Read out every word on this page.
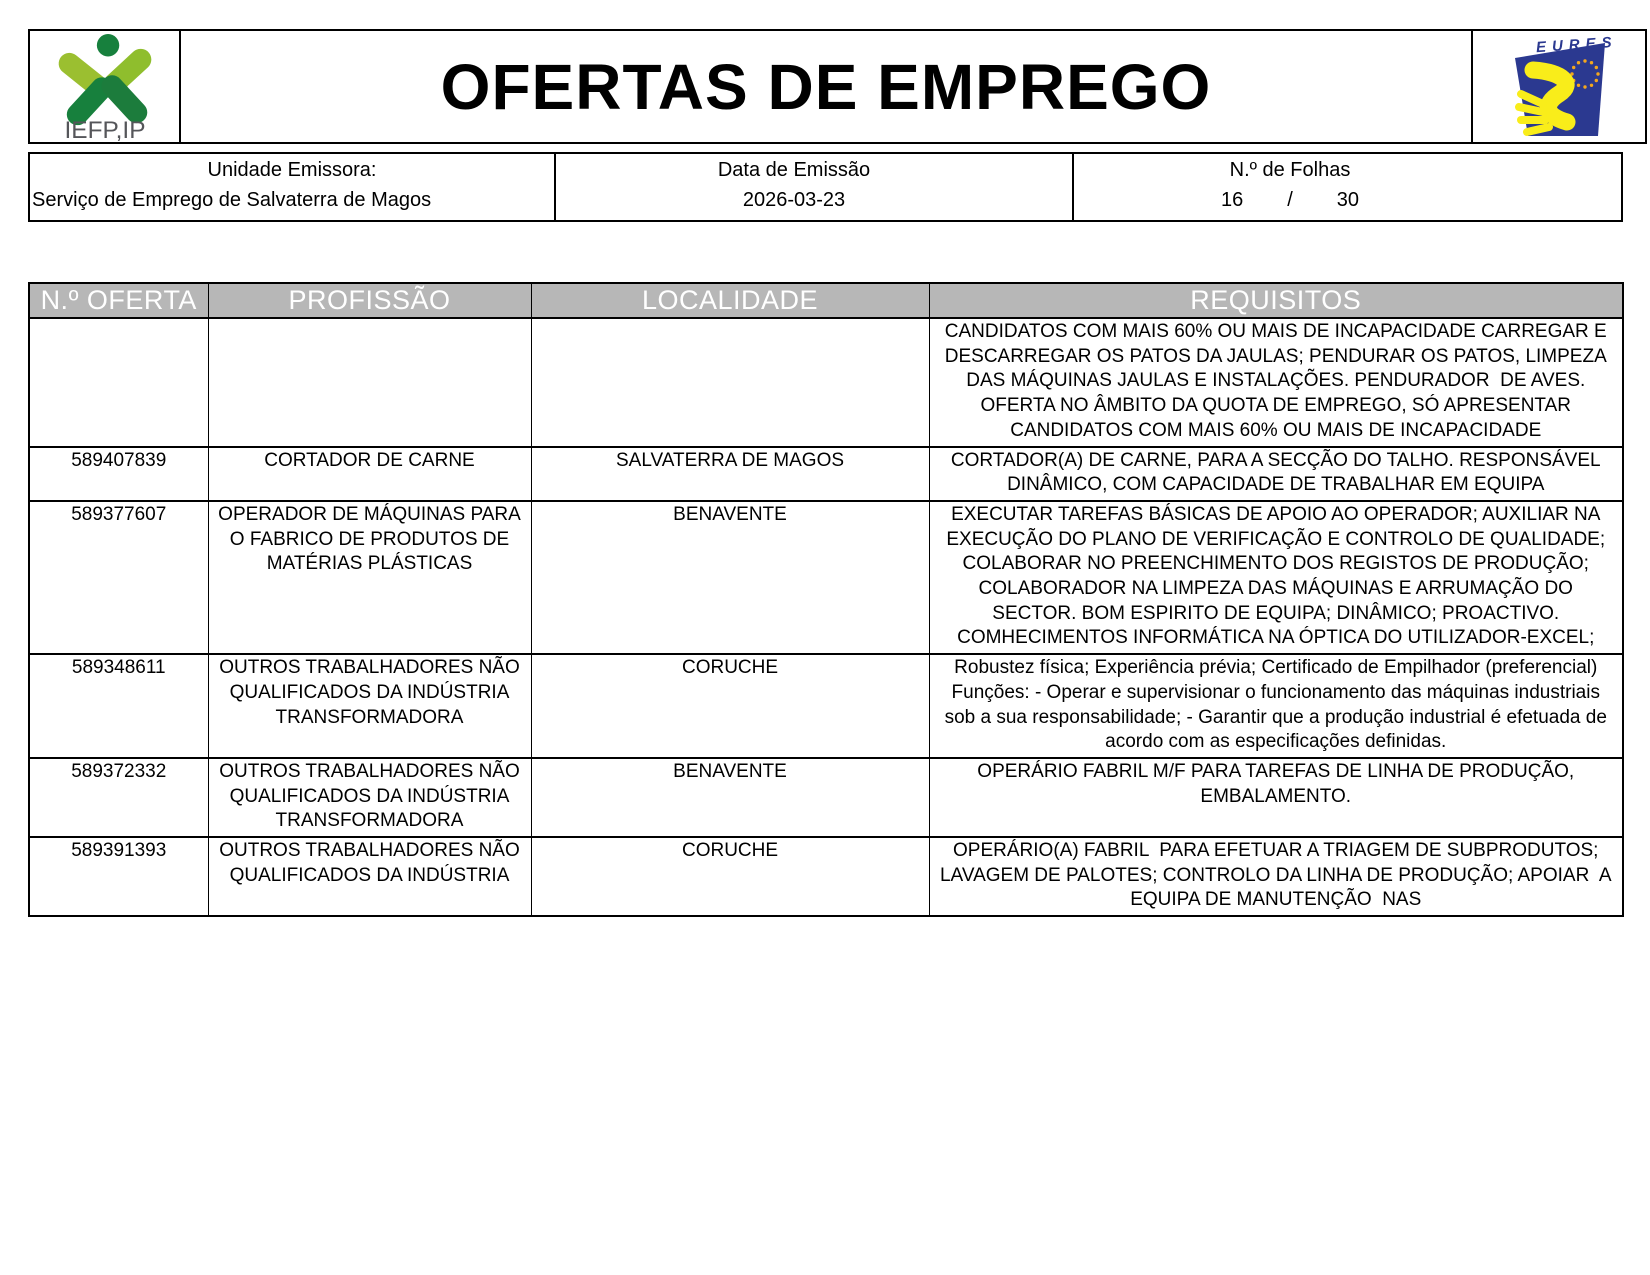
IEFP,IP
OFERTAS DE EMPREGO
EURES
Unidade Emissora:
Serviço de Emprego de Salvaterra de Magos
Data de Emissão
2026-03-23
N.º de Folhas
16 / 30
N.º OFERTA	PROFISSÃO	LOCALIDADE	REQUISITOS
			CANDIDATOS COM MAIS 60% OU MAIS DE INCAPACIDADE CARREGAR E DESCARREGAR OS PATOS DA JAULAS; PENDURAR OS PATOS, LIMPEZA DAS MÁQUINAS JAULAS E INSTALAÇÕES. PENDURADOR  DE AVES. OFERTA NO ÂMBITO DA QUOTA DE EMPREGO, SÓ APRESENTAR CANDIDATOS COM MAIS 60% OU MAIS DE INCAPACIDADE
589407839	CORTADOR DE CARNE	SALVATERRA DE MAGOS	CORTADOR(A) DE CARNE, PARA A SECÇÃO DO TALHO. RESPONSÁVEL DINÂMICO, COM CAPACIDADE DE TRABALHAR EM EQUIPA
589377607	OPERADOR DE MÁQUINAS PARA O FABRICO DE PRODUTOS DE MATÉRIAS PLÁSTICAS	BENAVENTE	EXECUTAR TAREFAS BÁSICAS DE APOIO AO OPERADOR; AUXILIAR NA EXECUÇÃO DO PLANO DE VERIFICAÇÃO E CONTROLO DE QUALIDADE; COLABORAR NO PREENCHIMENTO DOS REGISTOS DE PRODUÇÃO; COLABORADOR NA LIMPEZA DAS MÁQUINAS E ARRUMAÇÃO DO SECTOR. BOM ESPIRITO DE EQUIPA; DINÂMICO; PROACTIVO. COMHECIMENTOS INFORMÁTICA NA ÓPTICA DO UTILIZADOR-EXCEL;
589348611	OUTROS TRABALHADORES NÃO QUALIFICADOS DA INDÚSTRIA TRANSFORMADORA	CORUCHE	Robustez física; Experiência prévia; Certificado de Empilhador (preferencial) Funções: - Operar e supervisionar o funcionamento das máquinas industriais sob a sua responsabilidade; - Garantir que a produção industrial é efetuada de acordo com as especificações definidas.
589372332	OUTROS TRABALHADORES NÃO QUALIFICADOS DA INDÚSTRIA TRANSFORMADORA	BENAVENTE	OPERÁRIO FABRIL M/F PARA TAREFAS DE LINHA DE PRODUÇÃO, EMBALAMENTO.
589391393	OUTROS TRABALHADORES NÃO QUALIFICADOS DA INDÚSTRIA	CORUCHE	OPERÁRIO(A) FABRIL  PARA EFETUAR A TRIAGEM DE SUBPRODUTOS; LAVAGEM DE PALOTES; CONTROLO DA LINHA DE PRODUÇÃO; APOIAR  A EQUIPA DE MANUTENÇÃO  NAS
